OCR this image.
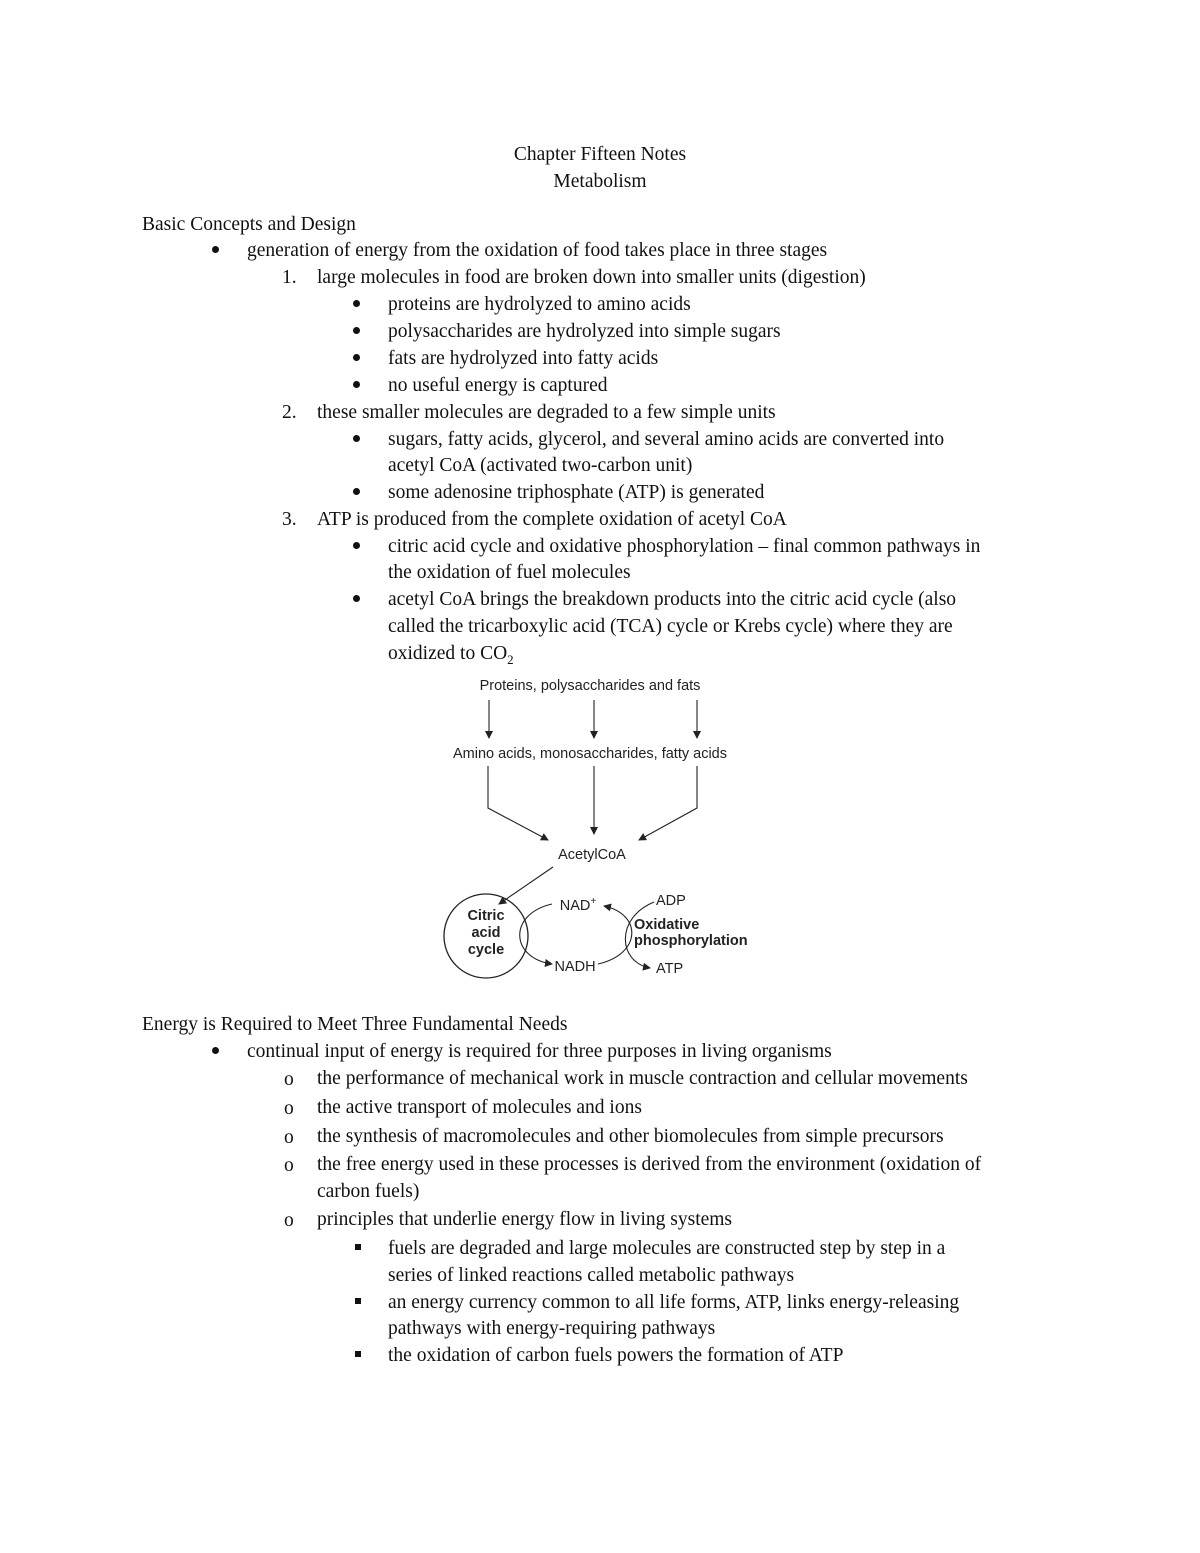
Chapter Fifteen Notes
Metabolism
Basic Concepts and Design
generation of energy from the oxidation of food takes place in three stages
1. large molecules in food are broken down into smaller units (digestion)
proteins are hydrolyzed to amino acids
polysaccharides are hydrolyzed into simple sugars
fats are hydrolyzed into fatty acids
no useful energy is captured
2. these smaller molecules are degraded to a few simple units
sugars, fatty acids, glycerol, and several amino acids are converted into
acetyl CoA (activated two-carbon unit)
some adenosine triphosphate (ATP) is generated
3. ATP is produced from the complete oxidation of acetyl CoA
citric acid cycle and oxidative phosphorylation – final common pathways in
the oxidation of fuel molecules
acetyl CoA brings the breakdown products into the citric acid cycle (also
called the tricarboxylic acid (TCA) cycle or Krebs cycle) where they are
oxidized to $CO_2$
Proteins, polysaccharides and fats
Amino acids, monosaccharides, fatty acids
AcetylCoA
Citric
acid
cycle
NAD+
NADH
ADP
Oxidative
phosphorylation
ATP
Energy is Required to Meet Three Fundamental Needs
continual input of energy is required for three purposes in living organisms
o the performance of mechanical work in muscle contraction and cellular movements
o the active transport of molecules and ions
o the synthesis of macromolecules and other biomolecules from simple precursors
o the free energy used in these processes is derived from the environment (oxidation of
carbon fuels)
o principles that underlie energy flow in living systems
fuels are degraded and large molecules are constructed step by step in a
series of linked reactions called metabolic pathways
an energy currency common to all life forms, ATP, links energy-releasing
pathways with energy-requiring pathways
the oxidation of carbon fuels powers the formation of ATP
